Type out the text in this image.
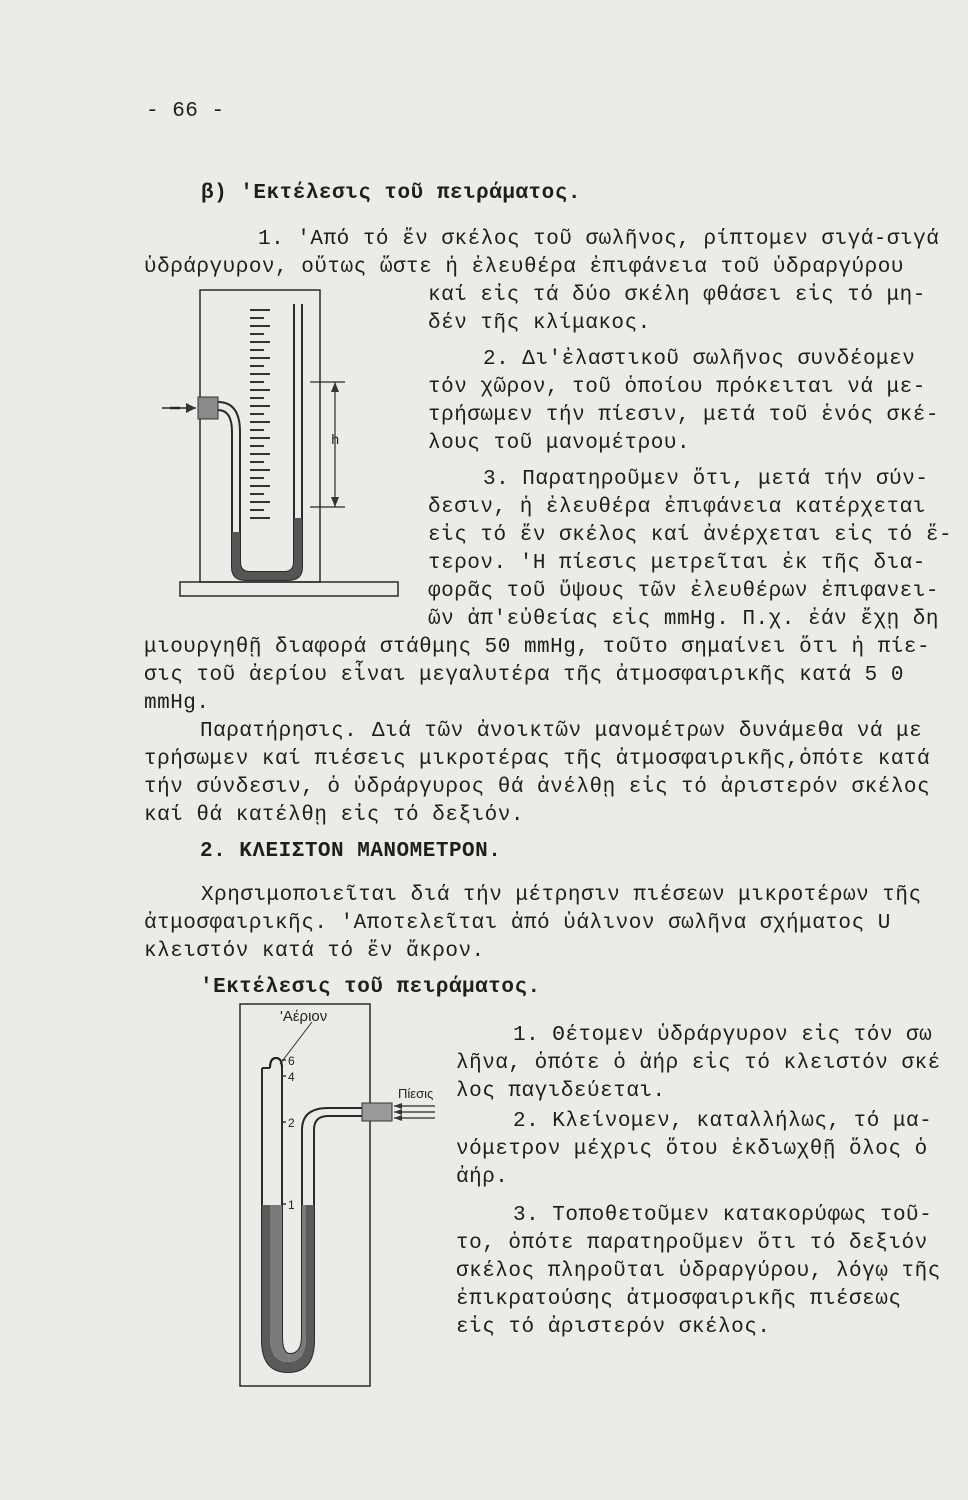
- 66 -
β) 'Εκτέλεσις τοῦ πειράματος.
1. 'Από τό ἕν σκέλος τοῦ σωλῆνος, ρίπτομεν σιγά-σιγά
ὑδράργυρον, οὕτως ὥστε ἡ ἐλευθέρα ἐπιφάνεια τοῦ ὑδραργύρου
καί εἰς τά δύο σκέλη φθάσει εἰς τό μη-
δέν τῆς κλίμακος.
2. Δι'ἐλαστικοῦ σωλῆνος συνδέομεν
τόν χῶρον, τοῦ ὁποίου πρόκειται νά με-
τρήσωμεν τήν πίεσιν, μετά τοῦ ἑνός σκέ-
λους τοῦ μανομέτρου.
3. Παρατηροῦμεν ὅτι, μετά τήν σύν-
δεσιν, ἡ ἐλευθέρα ἐπιφάνεια κατέρχεται
εἰς τό ἕν σκέλος καί ἀνέρχεται εἰς τό ἕ-
τερον. 'Η πίεσις μετρεῖται ἐκ τῆς δια-
φορᾶς τοῦ ὕψους τῶν ἐλευθέρων ἐπιφανει-
ῶν ἀπ'εὐθείας εἰς mmHg. Π.χ. ἐάν ἔχῃ δη
μιουργηθῇ διαφορά στάθμης 50 mmHg, τοῦτο σημαίνει ὅτι ἡ πίε-
σις τοῦ ἀερίου εἶναι μεγαλυτέρα τῆς ἀτμοσφαιρικῆς κατά 5 0
mmHg.
h
Παρατήρησις. Διά τῶν ἀνοικτῶν μανομέτρων δυνάμεθα νά με
τρήσωμεν καί πιέσεις μικροτέρας τῆς ἀτμοσφαιρικῆς,ὁπότε κατά
τήν σύνδεσιν, ὁ ὑδράργυρος θά ἀνέλθῃ εἰς τό ἀριστερόν σκέλος
καί θά κατέλθῃ εἰς τό δεξιόν.
2. ΚΛΕΙΣΤΟΝ ΜΑΝΟΜΕΤΡΟΝ.
Χρησιμοποιεῖται διά τήν μέτρησιν πιέσεων μικροτέρων τῆς
ἀτμοσφαιρικῆς. 'Αποτελεῖται ἀπό ὑάλινον σωλῆνα σχήματος U
κλειστόν κατά τό ἕν ἄκρον.
'Εκτέλεσις τοῦ πειράματος.
1. Θέτομεν ὑδράργυρον εἰς τόν σω
λῆνα, ὁπότε ὁ ἀήρ εἰς τό κλειστόν σκέ
λος παγιδεύεται.
2. Κλείνομεν, καταλλήλως, τό μα-
νόμετρον μέχρις ὅτου ἐκδιωχθῇ ὅλος ὁ
ἀήρ.
3. Τοποθετοῦμεν κατακορύφως τοῦ-
το, ὁπότε παρατηροῦμεν ὅτι τό δεξιόν
σκέλος πληροῦται ὑδραργύρου, λόγῳ τῆς
ἐπικρατούσης ἀτμοσφαιρικῆς πιέσεως
εἰς τό ἀριστερόν σκέλος.
'Αέριον
Πίεσις
6
4
2
1
